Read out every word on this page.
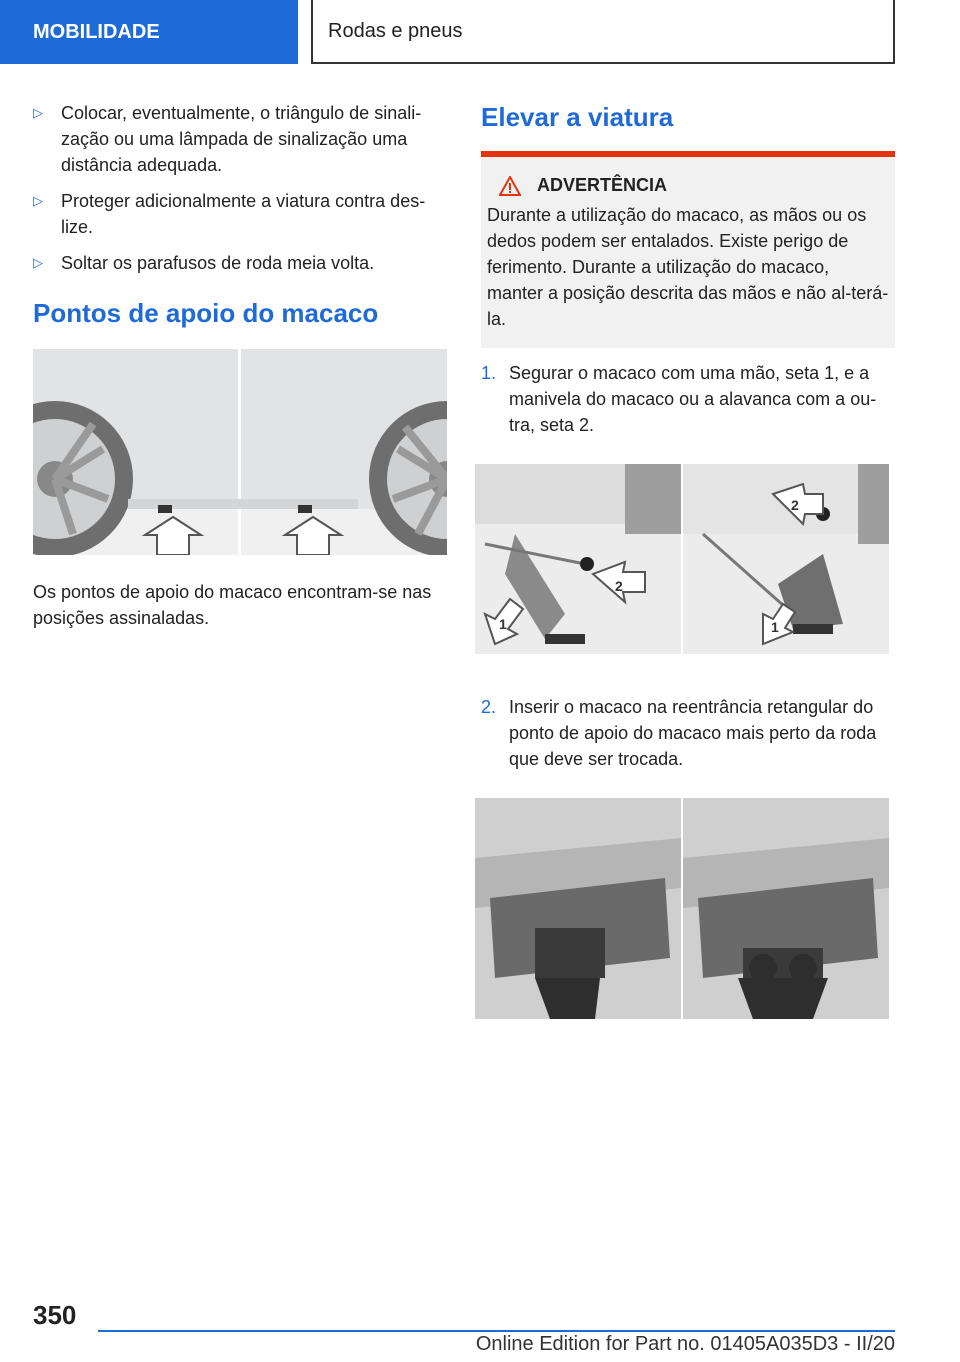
MOBILIDADE	Rodas e pneus
▷	Colocar, eventualmente, o triângulo de sinali-zação ou uma lâmpada de sinalização uma distância adequada.
▷	Proteger adicionalmente a viatura contra des-lize.
▷	Soltar os parafusos de roda meia volta.
Pontos de apoio do macaco
Os pontos de apoio do macaco encontram-se nas posições assinaladas.
Elevar a viatura
ADVERTÊNCIA
Durante a utilização do macaco, as mãos ou os dedos podem ser entalados. Existe perigo de ferimento. Durante a utilização do macaco, manter a posição descrita das mãos e não al-terá-la.
1. Segurar o macaco com uma mão, seta 1, e a manivela do macaco ou a alavanca com a ou-tra, seta 2.
1
2
2
1
2. Inserir o macaco na reentrância retangular do ponto de apoio do macaco mais perto da roda que deve ser trocada.
350
Online Edition for Part no. 01405A035D3 - II/20
